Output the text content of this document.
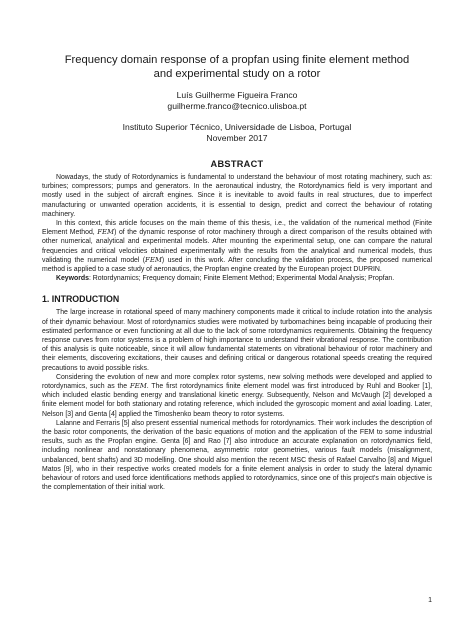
Frequency domain response of a propfan using finite element method
and experimental study on a rotor
Luís Guilherme Figueira Franco
guilherme.franco@tecnico.ulisboa.pt
Instituto Superior Técnico, Universidade de Lisboa, Portugal
November 2017
ABSTRACT

Nowadays, the study of Rotordynamics is fundamental to understand the behaviour of most rotating machinery, such as: turbines; compressors; pumps and generators. In the aeronautical industry, the Rotordynamics field is very important and mostly used in the subject of aircraft engines. Since it is inevitable to avoid faults in real structures, due to imperfect manufacturing or unwanted operation accidents, it is essential to design, predict and correct the behaviour of rotating machinery.

In this context, this article focuses on the main theme of this thesis, i.e., the validation of the numerical method (Finite Element Method, FEM) of the dynamic response of rotor machinery through a direct comparison of the results obtained with other numerical, analytical and experimental models. After mounting the experimental setup, one can compare the natural frequencies and critical velocities obtained experimentally with the results from the analytical and numerical models, thus validating the numerical model (FEM) used in this work. After concluding the validation process, the proposed numerical method is applied to a case study of aeronautics, the Propfan engine created by the European project DUPRIN.

Keywords: Rotordynamics; Frequency domain; Finite Element Method; Experimental Modal Analysis; Propfan.

1. INTRODUCTION

The large increase in rotational speed of many machinery components made it critical to include rotation into the analysis of their dynamic behaviour. Most of rotordynamics studies were motivated by turbomachines being incapable of producing their estimated performance or even functioning at all due to the lack of some rotordynamics requirements. Obtaining the frequency response curves from rotor systems is a problem of high importance to understand their vibrational response. The contribution of this analysis is quite noticeable, since it will allow fundamental statements on vibrational behaviour of rotor machinery and their elements, discovering excitations, their causes and defining critical or dangerous rotational speeds creating the required precautions to avoid possible risks.

Considering the evolution of new and more complex rotor systems, new solving methods were developed and applied to rotordynamics, such as the FEM. The first rotordynamics finite element model was first introduced by Ruhl and Booker [1], which included elastic bending energy and translational kinetic energy. Subsequently, Nelson and McVaugh [2] developed a finite element model for both stationary and rotating reference, which included the gyroscopic moment and axial loading. Later, Nelson [3] and Genta [4] applied the Timoshenko beam theory to rotor systems.

Lalanne and Ferraris [5] also present essential numerical methods for rotordynamics. Their work includes the description of the basic rotor components, the derivation of the basic equations of motion and the application of the FEM to some industrial results, such as the Propfan engine. Genta [6] and Rao [7] also introduce an accurate explanation on rotordynamics field, including nonlinear and nonstationary phenomena, asymmetric rotor geometries, various fault models (misalignment, unbalanced, bent shafts) and 3D modelling. One should also mention the recent MSC thesis of Rafael Carvalho [8] and Miguel Matos [9], who in their respective works created models for a finite element analysis in order to study the lateral dynamic behaviour of rotors and used force identifications methods applied to rotordynamics, since one of this project's main objective is the complementation of their initial work.

1
